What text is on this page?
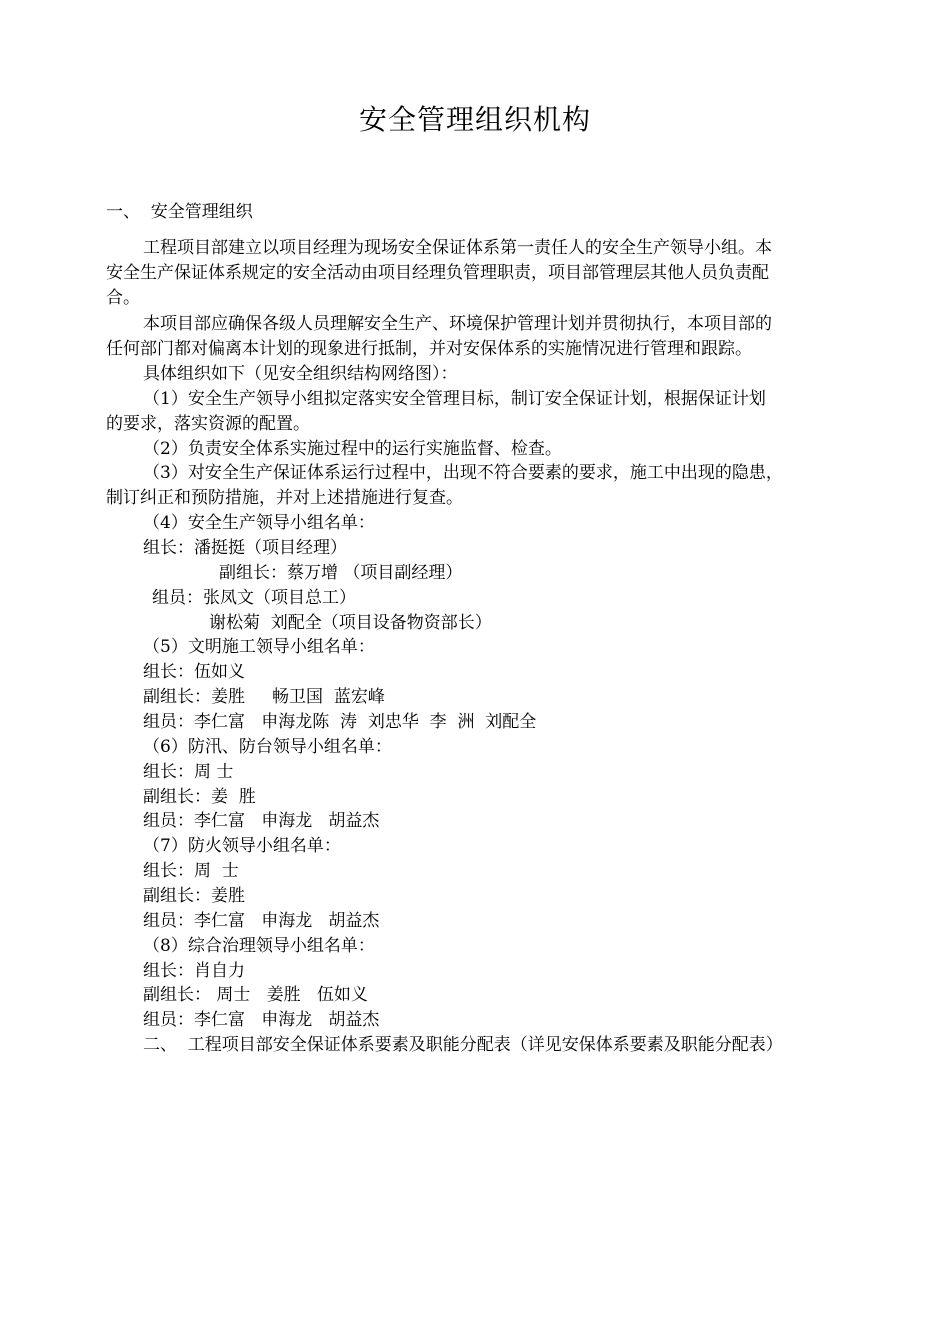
安全管理组织机构
一、  安全管理组织
工程项目部建立以项目经理为现场安全保证体系第一责任人的安全生产领导小组。本
安全生产保证体系规定的安全活动由项目经理负管理职责，项目部管理层其他人员负责配
合。
本项目部应确保各级人员理解安全生产、环境保护管理计划并贯彻执行，本项目部的
任何部门都对偏离本计划的现象进行抵制，并对安保体系的实施情况进行管理和跟踪。
具体组织如下（见安全组织结构网络图）：
（1）安全生产领导小组拟定落实安全管理目标，制订安全保证计划，根据保证计划
的要求，落实资源的配置。
（2）负责安全体系实施过程中的运行实施监督、检查。
（3）对安全生产保证体系运行过程中，出现不符合要素的要求，施工中出现的隐患，
制订纠正和预防措施，并对上述措施进行复查。
（4）安全生产领导小组名单：
组长：潘挺挺（项目经理）
副组长：蔡万增 （项目副经理）
组员：张凤文（项目总工）
谢松菊  刘配全（项目设备物资部长）
（5）文明施工领导小组名单：
组长：伍如义
副组长：姜胜     畅卫国  蓝宏峰
组员：李仁富   申海龙陈  涛  刘忠华  李  洲  刘配全
（6）防汛、防台领导小组名单：
组长：周 士
副组长：姜  胜
组员：李仁富   申海龙   胡益杰
（7）防火领导小组名单：
组长：周  士
副组长：姜胜
组员：李仁富   申海龙   胡益杰
（8）综合治理领导小组名单：
组长：肖自力
副组长： 周士   姜胜   伍如义
组员：李仁富   申海龙   胡益杰
二、  工程项目部安全保证体系要素及职能分配表（详见安保体系要素及职能分配表）
